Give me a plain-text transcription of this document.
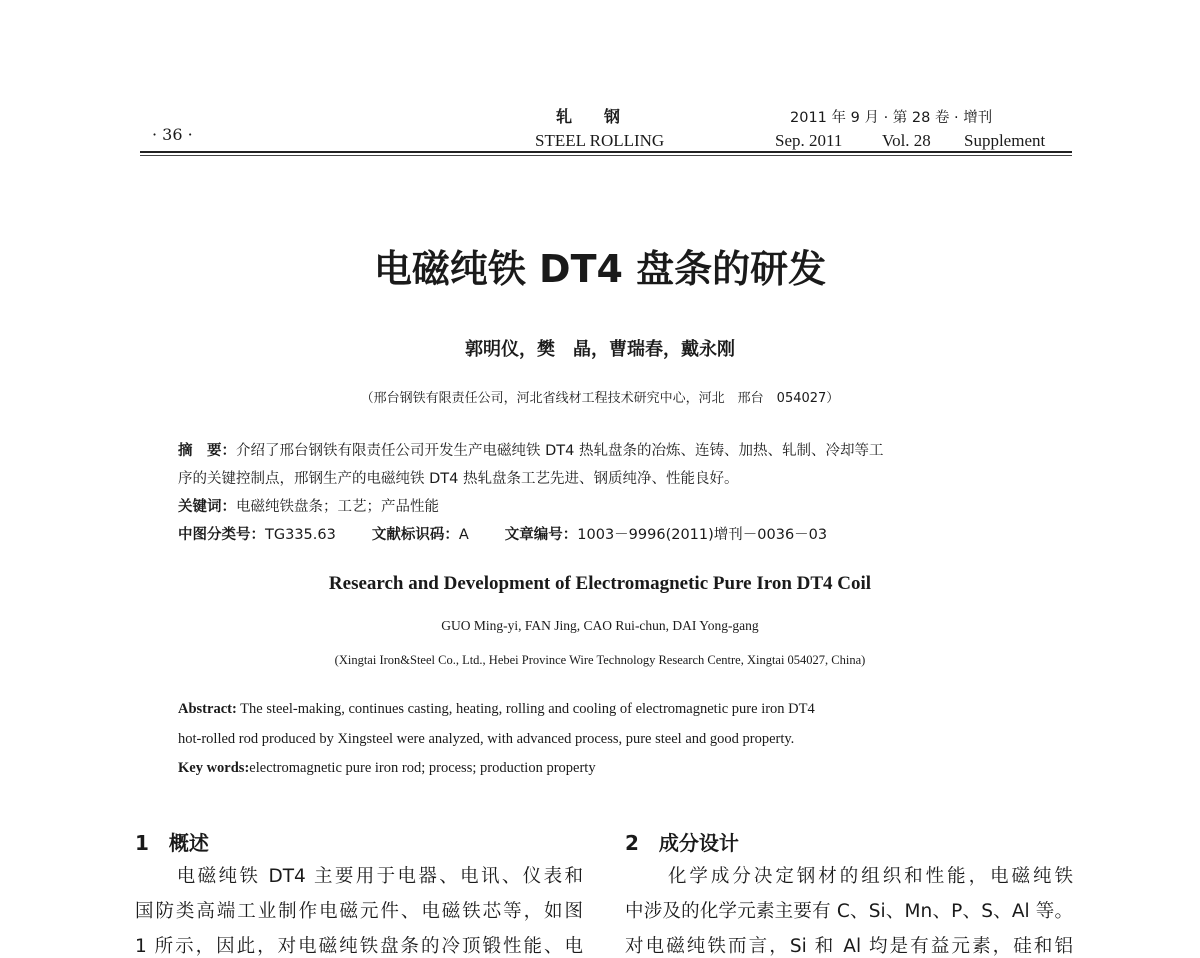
· 36 ·
轧　　钢
STEEL ROLLING
2011 年 9 月 · 第 28 卷 · 增刊
Sep. 2011 Vol. 28 Supplement
电磁纯铁 DT4 盘条的研发
郭明仪，樊　晶，曹瑞春，戴永刚
（邢台钢铁有限责任公司，河北省线材工程技术研究中心，河北　邢台　054027）
摘　要：介绍了邢台钢铁有限责任公司开发生产电磁纯铁 DT4 热轧盘条的冶炼、连铸、加热、轧制、冷却等工
序的关键控制点，邢钢生产的电磁纯铁 DT4 热轧盘条工艺先进、钢质纯净、性能良好。
关键词：电磁纯铁盘条；工艺；产品性能
中图分类号：TG335.63 文献标识码：A 文章编号：1003－9996(2011)增刊－0036－03
Research and Development of Electromagnetic Pure Iron DT4 Coil
GUO Ming-yi, FAN Jing, CAO Rui-chun, DAI Yong-gang
(Xingtai Iron&Steel Co., Ltd., Hebei Province Wire Technology Research Centre, Xingtai 054027, China)
Abstract: The steel-making, continues casting, heating, rolling and cooling of electromagnetic pure iron DT4
hot-rolled rod produced by Xingsteel were analyzed, with advanced process, pure steel and good property.
Key words:electromagnetic pure iron rod; process; production property
1　概述
　　电磁纯铁 DT4 主要用于电器、电讯、仪表和
国防类高端工业制作电磁元件、电磁铁芯等，如图
1 所示，因此，对电磁纯铁盘条的冷顶锻性能、电
2　成分设计
　　化学成分决定钢材的组织和性能，电磁纯铁
中涉及的化学元素主要有 C、Si、Mn、P、S、Al 等。
对电磁纯铁而言，Si 和 Al 均是有益元素，硅和铝
